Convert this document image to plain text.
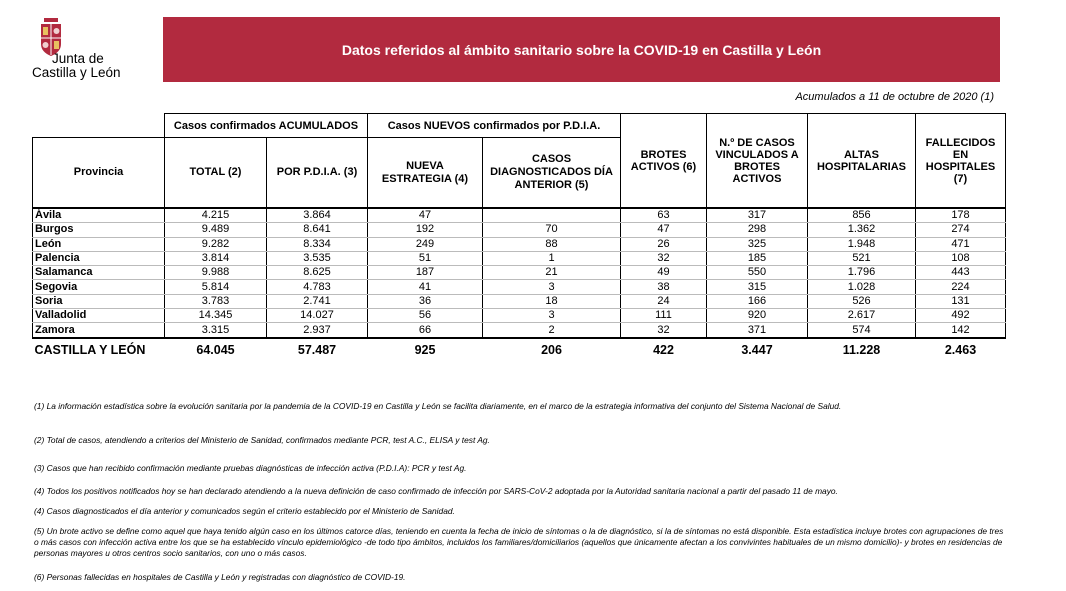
Junta de
Castilla y León
Datos referidos al ámbito sanitario sobre la COVID-19 en Castilla y León
Acumulados a 11 de octubre de 2020 (1)
	Casos confirmados ACUMULADOS		Casos NUEVOS confirmados por P.D.I.A.		BROTES ACTIVOS (6)	N.º DE CASOS VINCULADOS A BROTES ACTIVOS	ALTAS HOSPITALARIAS	FALLECIDOS EN HOSPITALES (7)
Provincia	TOTAL (2)	POR P.D.I.A. (3)	NUEVA ESTRATEGIA (4)	CASOS DIAGNOSTICADOS DÍA ANTERIOR (5)				
Ávila	4.215	3.864	47		63	317	856	178
Burgos	9.489	8.641	192	70	47	298	1.362	274
León	9.282	8.334	249	88	26	325	1.948	471
Palencia	3.814	3.535	51	1	32	185	521	108
Salamanca	9.988	8.625	187	21	49	550	1.796	443
Segovia	5.814	4.783	41	3	38	315	1.028	224
Soria	3.783	2.741	36	18	24	166	526	131
Valladolid	14.345	14.027	56	3	111	920	2.617	492
Zamora	3.315	2.937	66	2	32	371	574	142
CASTILLA Y LEÓN	64.045	57.487	925	206	422	3.447	11.228	2.463

(1) La información estadística sobre la evolución sanitaria por la pandemia de la COVID-19 en Castilla y León se facilita diariamente, en el marco de la estrategia informativa del conjunto del Sistema Nacional de Salud.

(2) Total de casos, atendiendo a criterios del Ministerio de Sanidad, confirmados mediante PCR, test A.C., ELISA y test Ag.

(3) Casos que han recibido confirmación mediante pruebas diagnósticas de infección activa (P.D.I.A): PCR y test Ag.

(4) Todos los positivos notificados hoy se han declarado atendiendo a la nueva definición de caso confirmado de infección por SARS-CoV-2 adoptada por la Autoridad sanitaria nacional a partir del pasado 11 de mayo.

(4) Casos diagnosticados el día anterior y comunicados según el criterio establecido por el Ministerio de Sanidad.

(5) Un brote activo se define como aquel que haya tenido algún caso en los últimos catorce días, teniendo en cuenta la fecha de inicio de síntomas o la de diagnóstico, si la de síntomas no está disponible. Esta estadística incluye brotes con agrupaciones de tres o más casos con infección activa entre los que se ha establecido vínculo epidemiológico -de todo tipo ámbitos, incluidos los familiares/domiciliarios (aquellos que únicamente afectan a los convivintes habituales de un mismo domicilio)- y brotes en residencias de personas mayores u otros centros socio sanitarios, con uno o más casos.

(6) Personas fallecidas en hospitales de Castilla y León y registradas con diagnóstico de COVID-19.
